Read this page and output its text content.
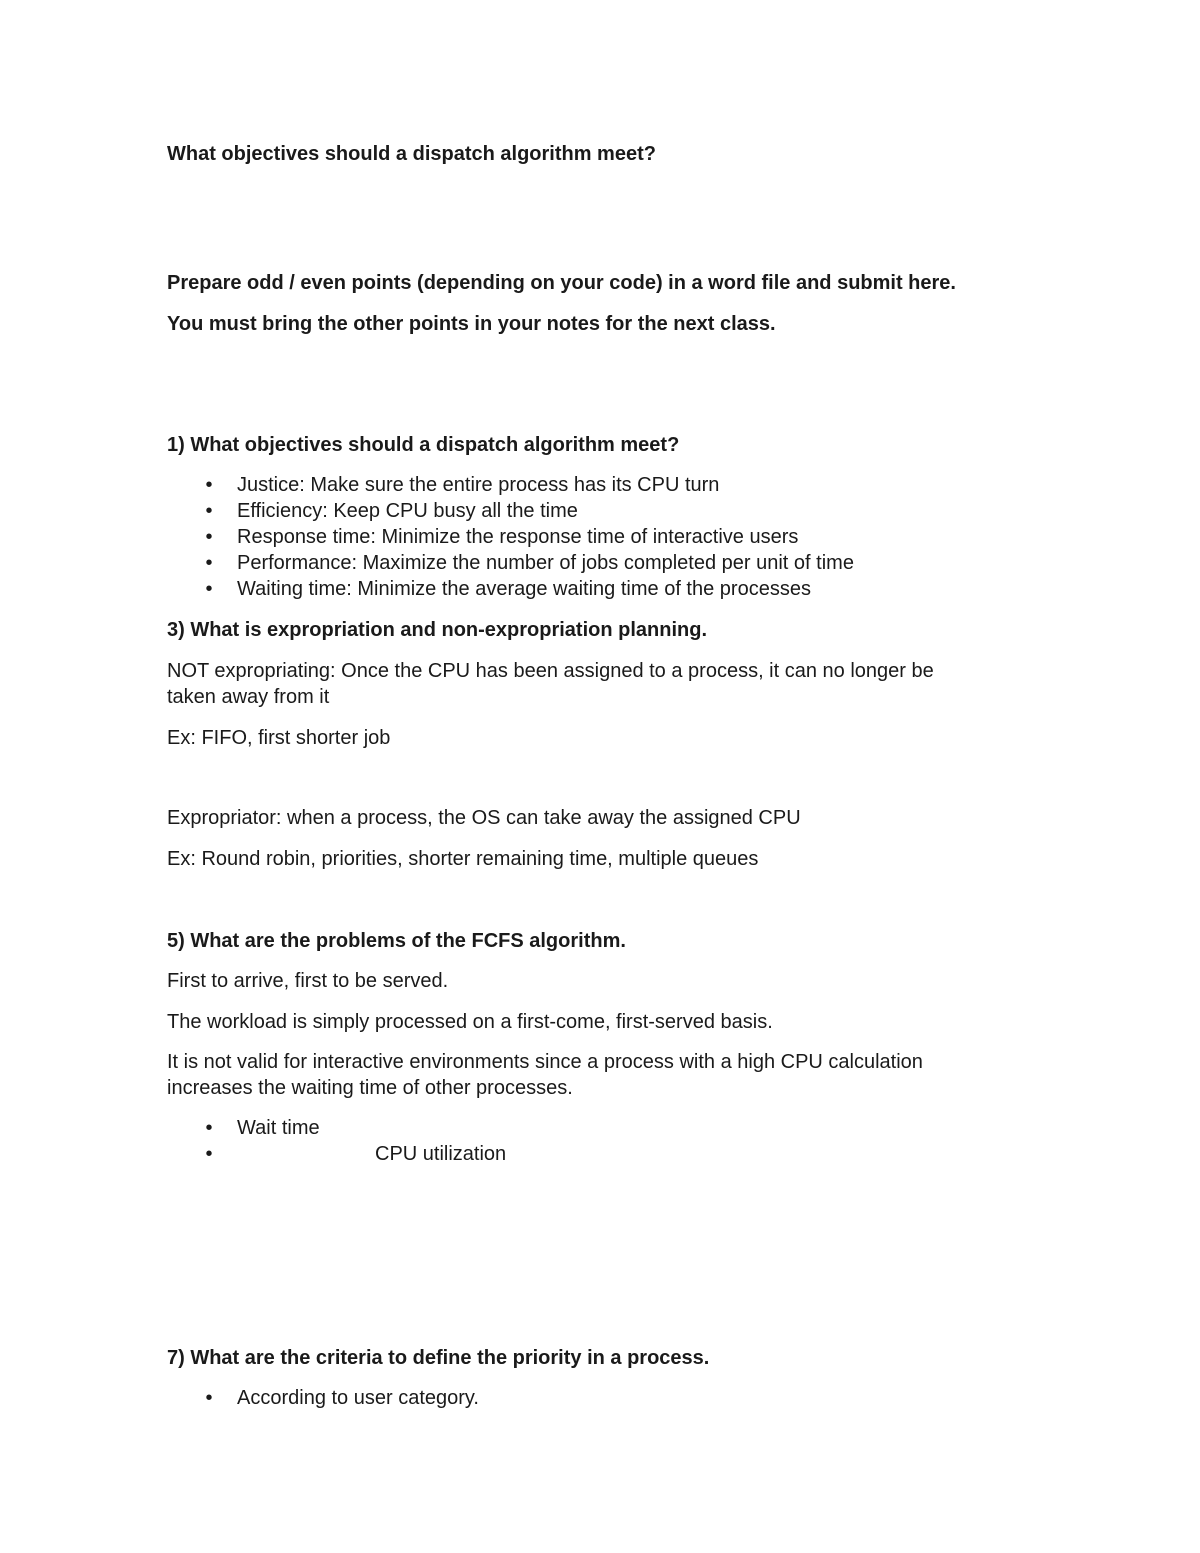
What objectives should a dispatch algorithm meet?

Prepare odd / even points (depending on your code) in a word file and submit here.

You must bring the other points in your notes for the next class.

1) What objectives should a dispatch algorithm meet?

• Justice: Make sure the entire process has its CPU turn
• Efficiency: Keep CPU busy all the time
• Response time: Minimize the response time of interactive users
• Performance: Maximize the number of jobs completed per unit of time
• Waiting time: Minimize the average waiting time of the processes

3) What is expropriation and non-expropriation planning.

NOT expropriating: Once the CPU has been assigned to a process, it can no longer be

taken away from it

Ex: FIFO, first shorter job

Expropriator: when a process, the OS can take away the assigned CPU

Ex: Round robin, priorities, shorter remaining time, multiple queues

5) What are the problems of the FCFS algorithm.

First to arrive, first to be served.

The workload is simply processed on a first-come, first-served basis.

It is not valid for interactive environments since a process with a high CPU calculation

increases the waiting time of other processes.

• Wait time
•	CPU utilization

7) What are the criteria to define the priority in a process.

• According to user category.
